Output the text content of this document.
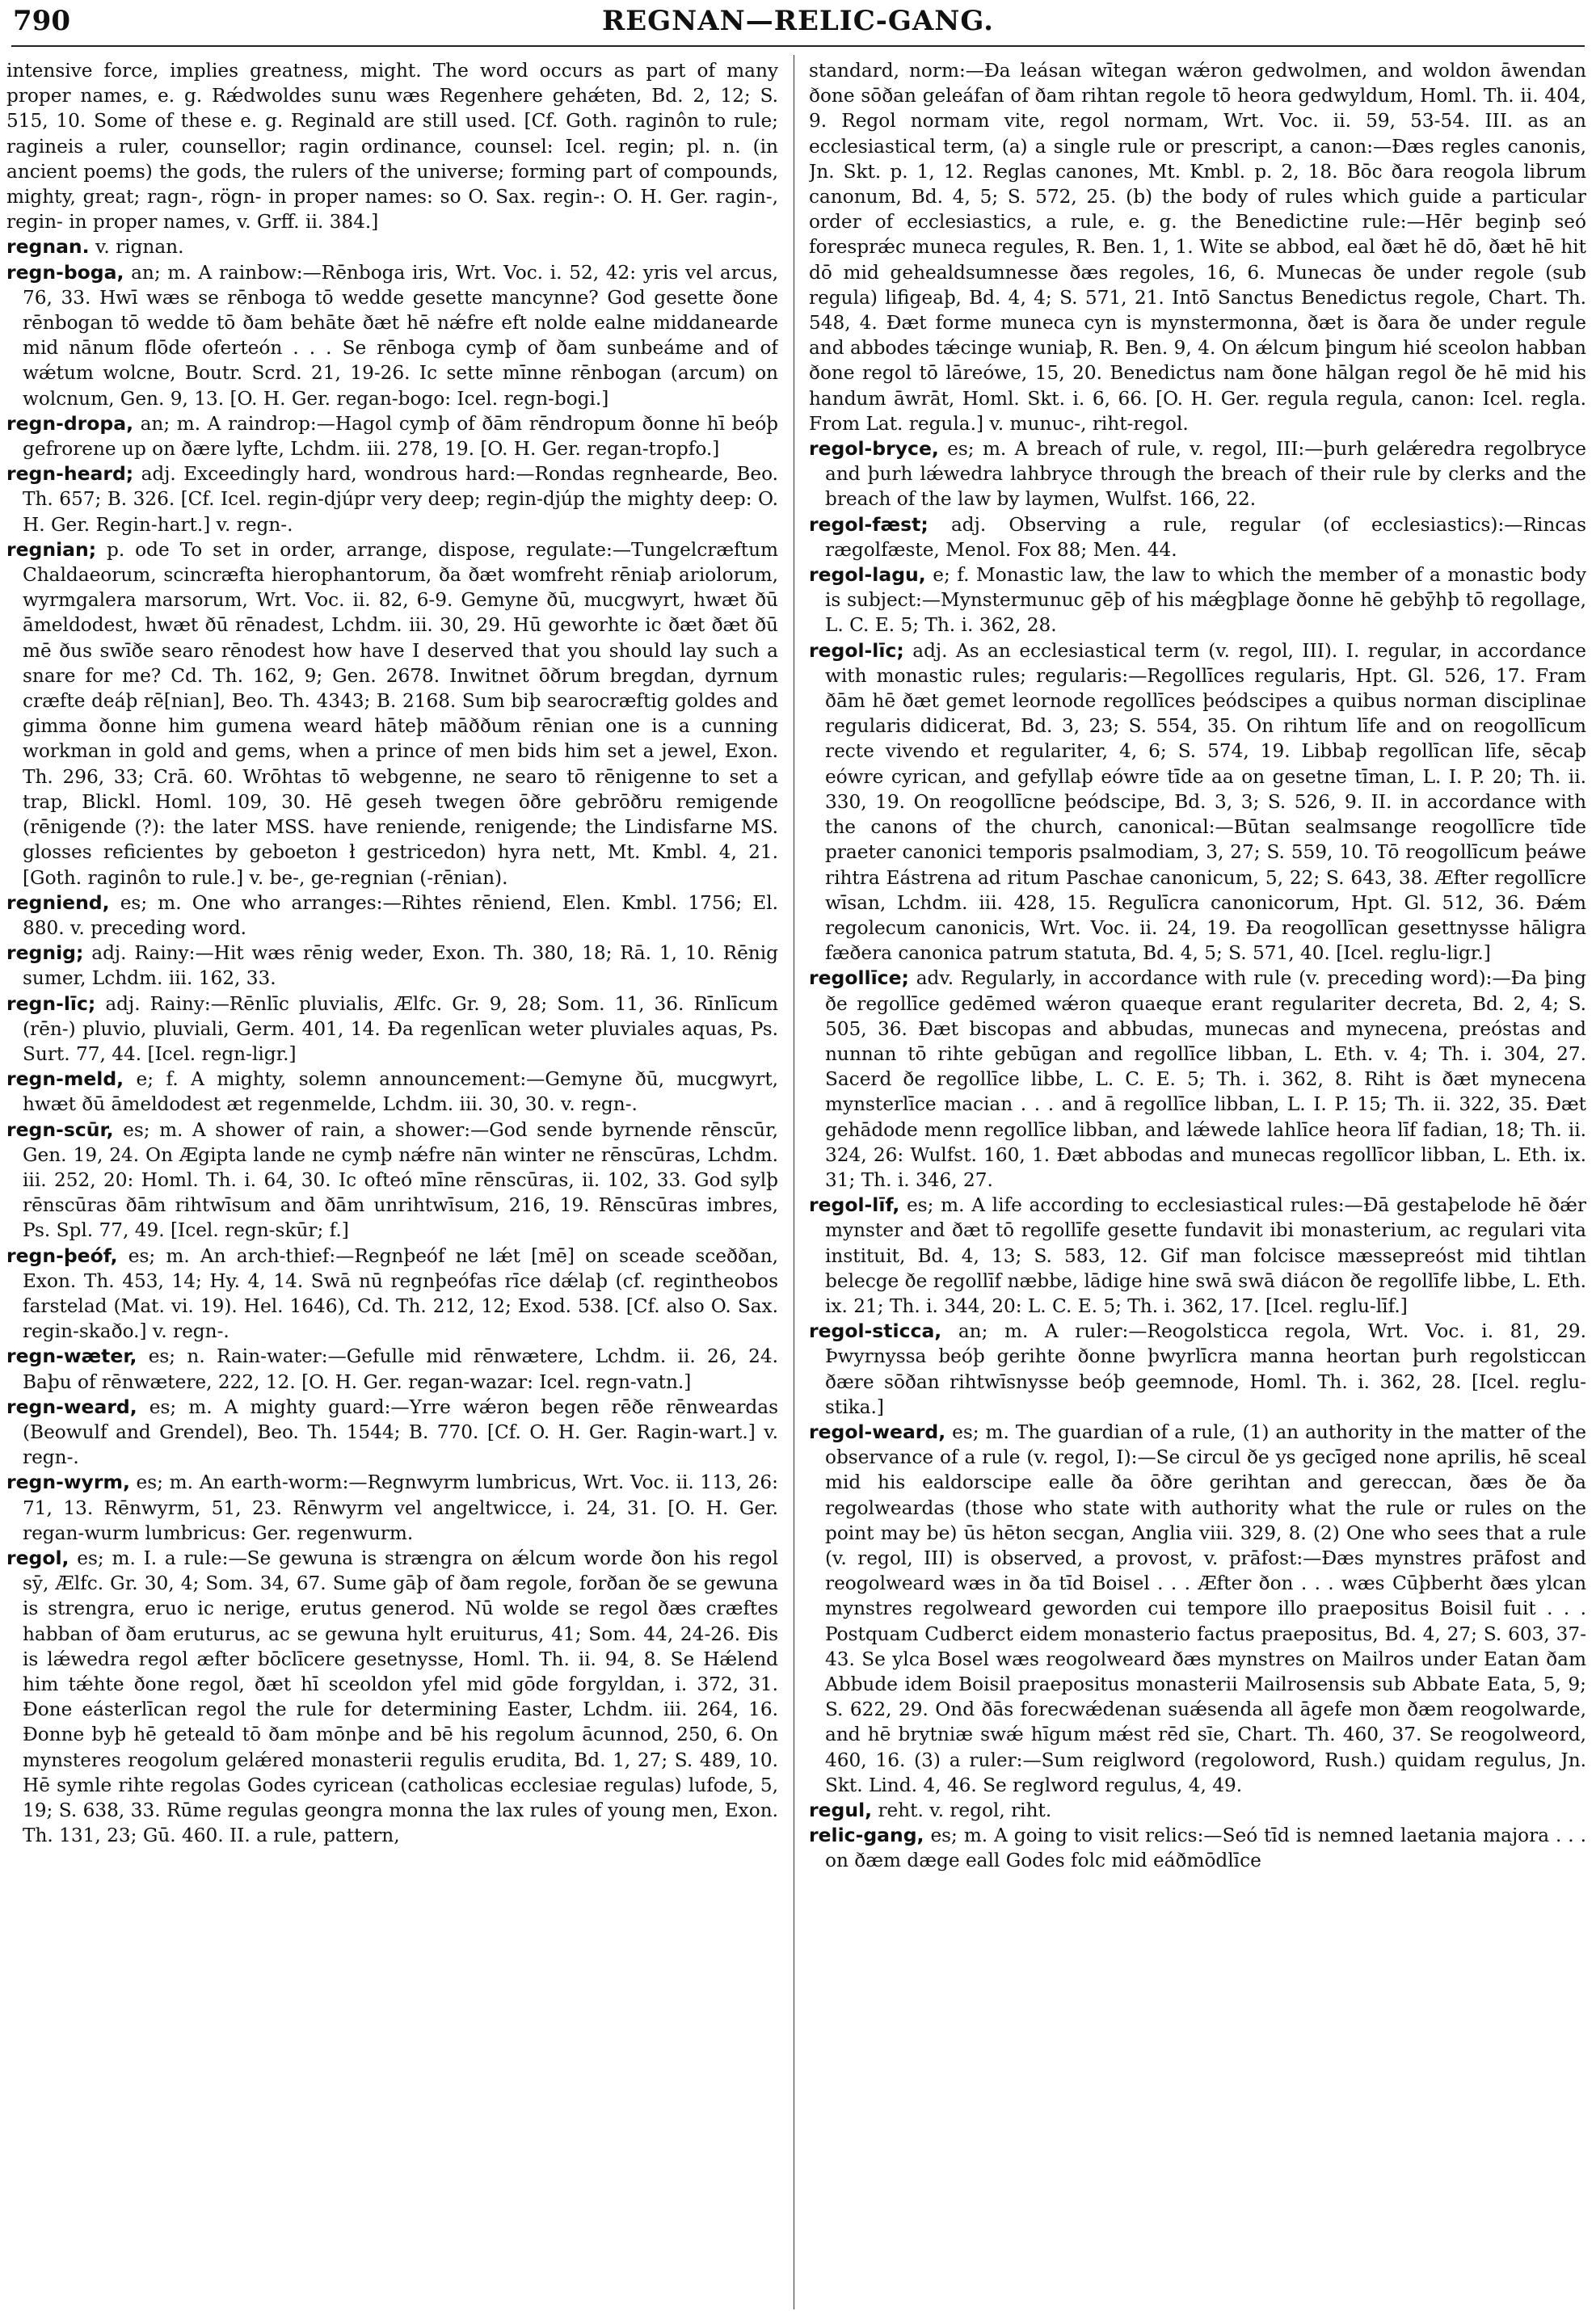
790	REGNAN—RELIC-GANG.

intensive force, implies greatness, might. The word occurs as part of many proper names, e. g. Rǽdwoldes sunu wæs Regenhere gehǽten, Bd. 2, 12; S. 515, 10. Some of these e. g. Reginald are still used. [Cf. Goth. raginôn to rule; ragineis a ruler, counsellor; ragin ordinance, counsel: Icel. regin; pl. n. (in ancient poems) the gods, the rulers of the universe; forming part of compounds, mighty, great; ragn-, rögn- in proper names: so O. Sax. regin-: O. H. Ger. ragin-, regin- in proper names, v. Grff. ii. 384.]

regnan. v. rignan.

regn-boga, an; m. A rainbow:—Rēnboga iris, Wrt. Voc. i. 52, 42: yris vel arcus, 76, 33. Hwī wæs se rēnboga tō wedde gesette mancynne? God gesette ðone rēnbogan tō wedde tō ðam behāte ðæt hē nǽfre eft nolde ealne middanearde mid nānum flōde oferteón . . . Se rēnboga cymþ of ðam sunbeáme and of wǽtum wolcne, Boutr. Scrd. 21, 19-26. Ic sette mīnne rēnbogan (arcum) on wolcnum, Gen. 9, 13. [O. H. Ger. regan-bogo: Icel. regn-bogi.]

regn-dropa, an; m. A raindrop:—Hagol cymþ of ðām rēndropum ðonne hī beóþ gefrorene up on ðære lyfte, Lchdm. iii. 278, 19. [O. H. Ger. regan-tropfo.]

regn-heard; adj. Exceedingly hard, wondrous hard:—Rondas regnhearde, Beo. Th. 657; B. 326. [Cf. Icel. regin-djúpr very deep; regin-djúp the mighty deep: O. H. Ger. Regin-hart.] v. regn-.

regnian; p. ode To set in order, arrange, dispose, regulate:—Tungelcræftum Chaldaeorum, scincræfta hierophantorum, ða ðæt womfreht rēniaþ ariolorum, wyrmgalera marsorum, Wrt. Voc. ii. 82, 6-9. Gemyne ðū, mucgwyrt, hwæt ðū āmeldodest, hwæt ðū rēnadest, Lchdm. iii. 30, 29. Hū geworhte ic ðæt ðæt ðū mē ðus swīðe searo rēnodest how have I deserved that you should lay such a snare for me? Cd. Th. 162, 9; Gen. 2678. Inwitnet ōðrum bregdan, dyrnum cræfte deáþ rē[nian], Beo. Th. 4343; B. 2168. Sum biþ searocræftig goldes and gimma ðonne him gumena weard hāteþ māððum rēnian one is a cunning workman in gold and gems, when a prince of men bids him set a jewel, Exon. Th. 296, 33; Crā. 60. Wrōhtas tō webgenne, ne searo tō rēnigenne to set a trap, Blickl. Homl. 109, 30. Hē geseh twegen ōðre gebrōðru remigende (rēnigende (?): the later MSS. have reniende, renigende; the Lindisfarne MS. glosses reficientes by geboeton ł gestricedon) hyra nett, Mt. Kmbl. 4, 21. [Goth. raginôn to rule.] v. be-, ge-regnian (-rēnian).

regniend, es; m. One who arranges:—Rihtes rēniend, Elen. Kmbl. 1756; El. 880. v. preceding word.

regnig; adj. Rainy:—Hit wæs rēnig weder, Exon. Th. 380, 18; Rā. 1, 10. Rēnig sumer, Lchdm. iii. 162, 33.

regn-līc; adj. Rainy:—Rēnlīc pluvialis, Ælfc. Gr. 9, 28; Som. 11, 36. Rīnlīcum (rēn-) pluvio, pluviali, Germ. 401, 14. Ða regenlīcan weter pluviales aquas, Ps. Surt. 77, 44. [Icel. regn-ligr.]

regn-meld, e; f. A mighty, solemn announcement:—Gemyne ðū, mucgwyrt, hwæt ðū āmeldodest æt regenmelde, Lchdm. iii. 30, 30. v. regn-.

regn-scūr, es; m. A shower of rain, a shower:—God sende byrnende rēnscūr, Gen. 19, 24. On Ægipta lande ne cymþ nǽfre nān winter ne rēnscūras, Lchdm. iii. 252, 20: Homl. Th. i. 64, 30. Ic ofteó mīne rēnscūras, ii. 102, 33. God sylþ rēnscūras ðām rihtwīsum and ðām unrihtwīsum, 216, 19. Rēnscūras imbres, Ps. Spl. 77, 49. [Icel. regn-skūr; f.]

regn-þeóf, es; m. An arch-thief:—Regnþeóf ne lǽt [mē] on sceade sceððan, Exon. Th. 453, 14; Hy. 4, 14. Swā nū regnþeófas rīce dǽlaþ (cf. regintheobos farstelad (Mat. vi. 19). Hel. 1646), Cd. Th. 212, 12; Exod. 538. [Cf. also O. Sax. regin-skaðo.] v. regn-.

regn-wæter, es; n. Rain-water:—Gefulle mid rēnwætere, Lchdm. ii. 26, 24. Baþu of rēnwætere, 222, 12. [O. H. Ger. regan-wazar: Icel. regn-vatn.]

regn-weard, es; m. A mighty guard:—Yrre wǽron begen rēðe rēnweardas (Beowulf and Grendel), Beo. Th. 1544; B. 770. [Cf. O. H. Ger. Ragin-wart.] v. regn-.

regn-wyrm, es; m. An earth-worm:—Regnwyrm lumbricus, Wrt. Voc. ii. 113, 26: 71, 13. Rēnwyrm, 51, 23. Rēnwyrm vel angeltwicce, i. 24, 31. [O. H. Ger. regan-wurm lumbricus: Ger. regenwurm.

regol, es; m. I. a rule:—Se gewuna is strængra on ǽlcum worde ðon his regol sȳ, Ælfc. Gr. 30, 4; Som. 34, 67. Sume gāþ of ðam regole, forðan ðe se gewuna is strengra, eruo ic nerige, erutus generod. Nū wolde se regol ðæs cræftes habban of ðam eruturus, ac se gewuna hylt eruiturus, 41; Som. 44, 24-26. Ðis is lǽwedra regol æfter bōclīcere gesetnysse, Homl. Th. ii. 94, 8. Se Hǽlend him tǽhte ðone regol, ðæt hī sceoldon yfel mid gōde forgyldan, i. 372, 31. Ðone eásterlīcan regol the rule for determining Easter, Lchdm. iii. 264, 16. Ðonne byþ hē geteald tō ðam mōnþe and bē his regolum ācunnod, 250, 6. On mynsteres reogolum gelǽred monasterii regulis erudita, Bd. 1, 27; S. 489, 10. Hē symle rihte regolas Godes cyricean (catholicas ecclesiae regulas) lufode, 5, 19; S. 638, 33. Rūme regulas geongra monna the lax rules of young men, Exon. Th. 131, 23; Gū. 460. II. a rule, pattern,

standard, norm:—Ða leásan wītegan wǽron gedwolmen, and woldon āwendan ðone sōðan geleáfan of ðam rihtan regole tō heora gedwyldum, Homl. Th. ii. 404, 9. Regol normam vite, regol normam, Wrt. Voc. ii. 59, 53-54. III. as an ecclesiastical term, (a) a single rule or prescript, a canon:—Ðæs regles canonis, Jn. Skt. p. 1, 12. Reglas canones, Mt. Kmbl. p. 2, 18. Bōc ðara reogola librum canonum, Bd. 4, 5; S. 572, 25. (b) the body of rules which guide a particular order of ecclesiastics, a rule, e. g. the Benedictine rule:—Hēr beginþ seó foresprǽc muneca regules, R. Ben. 1, 1. Wite se abbod, eal ðæt hē dō, ðæt hē hit dō mid gehealdsumnesse ðæs regoles, 16, 6. Munecas ðe under regole (sub regula) lifigeaþ, Bd. 4, 4; S. 571, 21. Intō Sanctus Benedictus regole, Chart. Th. 548, 4. Ðæt forme muneca cyn is mynstermonna, ðæt is ðara ðe under regule and abbodes tǽcinge wuniaþ, R. Ben. 9, 4. On ǽlcum þingum hié sceolon habban ðone regol tō lāreówe, 15, 20. Benedictus nam ðone hālgan regol ðe hē mid his handum āwrāt, Homl. Skt. i. 6, 66. [O. H. Ger. regula regula, canon: Icel. regla. From Lat. regula.] v. munuc-, riht-regol.

regol-bryce, es; m. A breach of rule, v. regol, III:—þurh gelǽredra regolbryce and þurh lǽwedra lahbryce through the breach of their rule by clerks and the breach of the law by laymen, Wulfst. 166, 22.

regol-fæst; adj. Observing a rule, regular (of ecclesiastics):—Rincas rægolfæste, Menol. Fox 88; Men. 44.

regol-lagu, e; f. Monastic law, the law to which the member of a monastic body is subject:—Mynstermunuc gēþ of his mǽgþlage ðonne hē gebȳhþ tō regollage, L. C. E. 5; Th. i. 362, 28.

regol-līc; adj. As an ecclesiastical term (v. regol, III). I. regular, in accordance with monastic rules; regularis:—Regollīces regularis, Hpt. Gl. 526, 17. Fram ðām hē ðæt gemet leornode regollīces þeódscipes a quibus norman disciplinae regularis didicerat, Bd. 3, 23; S. 554, 35. On rihtum līfe and on reogollīcum recte vivendo et regulariter, 4, 6; S. 574, 19. Libbaþ regollīcan līfe, sēcaþ eówre cyrican, and gefyllaþ eówre tīde aa on gesetne tīman, L. I. P. 20; Th. ii. 330, 19. On reogollīcne þeódscipe, Bd. 3, 3; S. 526, 9. II. in accordance with the canons of the church, canonical:—Būtan sealmsange reogollīcre tīde praeter canonici temporis psalmodiam, 3, 27; S. 559, 10. Tō reogollīcum þeáwe rihtra Eástrena ad ritum Paschae canonicum, 5, 22; S. 643, 38. Æfter regollīcre wīsan, Lchdm. iii. 428, 15. Regulīcra canonicorum, Hpt. Gl. 512, 36. Ðǽm regolecum canonicis, Wrt. Voc. ii. 24, 19. Ða reogollīcan gesettnysse hāligra fæðera canonica patrum statuta, Bd. 4, 5; S. 571, 40. [Icel. reglu-ligr.]

regollīce; adv. Regularly, in accordance with rule (v. preceding word):—Ða þing ðe regollīce gedēmed wǽron quaeque erant regulariter decreta, Bd. 2, 4; S. 505, 36. Ðæt biscopas and abbudas, munecas and mynecena, preóstas and nunnan tō rihte gebūgan and regollīce libban, L. Eth. v. 4; Th. i. 304, 27. Sacerd ðe regollīce libbe, L. C. E. 5; Th. i. 362, 8. Riht is ðæt mynecena mynsterlīce macian . . . and ā regollīce libban, L. I. P. 15; Th. ii. 322, 35. Ðæt gehādode menn regollīce libban, and lǽwede lahlīce heora līf fadian, 18; Th. ii. 324, 26: Wulfst. 160, 1. Ðæt abbodas and munecas regollīcor libban, L. Eth. ix. 31; Th. i. 346, 27.

regol-līf, es; m. A life according to ecclesiastical rules:—Ðā gestaþelode hē ðǽr mynster and ðæt tō regollīfe gesette fundavit ibi monasterium, ac regulari vita instituit, Bd. 4, 13; S. 583, 12. Gif man folcisce mæssepreóst mid tihtlan belecge ðe regollīf næbbe, lādige hine swā swā diácon ðe regollīfe libbe, L. Eth. ix. 21; Th. i. 344, 20: L. C. E. 5; Th. i. 362, 17. [Icel. reglu-līf.]

regol-sticca, an; m. A ruler:—Reogolsticca regola, Wrt. Voc. i. 81, 29. Þwyrnyssa beóþ gerihte ðonne þwyrlīcra manna heortan þurh regolsticcan ðære sōðan rihtwīsnysse beóþ geemnode, Homl. Th. i. 362, 28. [Icel. reglu-stika.]

regol-weard, es; m. The guardian of a rule, (1) an authority in the matter of the observance of a rule (v. regol, I):—Se circul ðe ys gecīged none aprilis, hē sceal mid his ealdorscipe ealle ða ōðre gerihtan and gereccan, ðæs ðe ða regolweardas (those who state with authority what the rule or rules on the point may be) ūs hēton secgan, Anglia viii. 329, 8. (2) One who sees that a rule (v. regol, III) is observed, a provost, v. prāfost:—Ðæs mynstres prāfost and reogolweard wæs in ða tīd Boisel . . . Æfter ðon . . . wæs Cūþberht ðæs ylcan mynstres regolweard geworden cui tempore illo praepositus Boisil fuit . . . Postquam Cudberct eidem monasterio factus praepositus, Bd. 4, 27; S. 603, 37-43. Se ylca Bosel wæs reogolweard ðæs mynstres on Mailros under Eatan ðam Abbude idem Boisil praepositus monasterii Mailrosensis sub Abbate Eata, 5, 9; S. 622, 29. Ond ðās forecwǽdenan suǽsenda all āgefe mon ðæm reogolwarde, and hē brytniæ swǽ hīgum mǽst rēd sīe, Chart. Th. 460, 37. Se reogolweord, 460, 16. (3) a ruler:—Sum reiglword (regoloword, Rush.) quidam regulus, Jn. Skt. Lind. 4, 46. Se reglword regulus, 4, 49.

regul, reht. v. regol, riht.

relic-gang, es; m. A going to visit relics:—Seó tīd is nemned laetania majora . . . on ðæm dæge eall Godes folc mid eáðmōdlīce
